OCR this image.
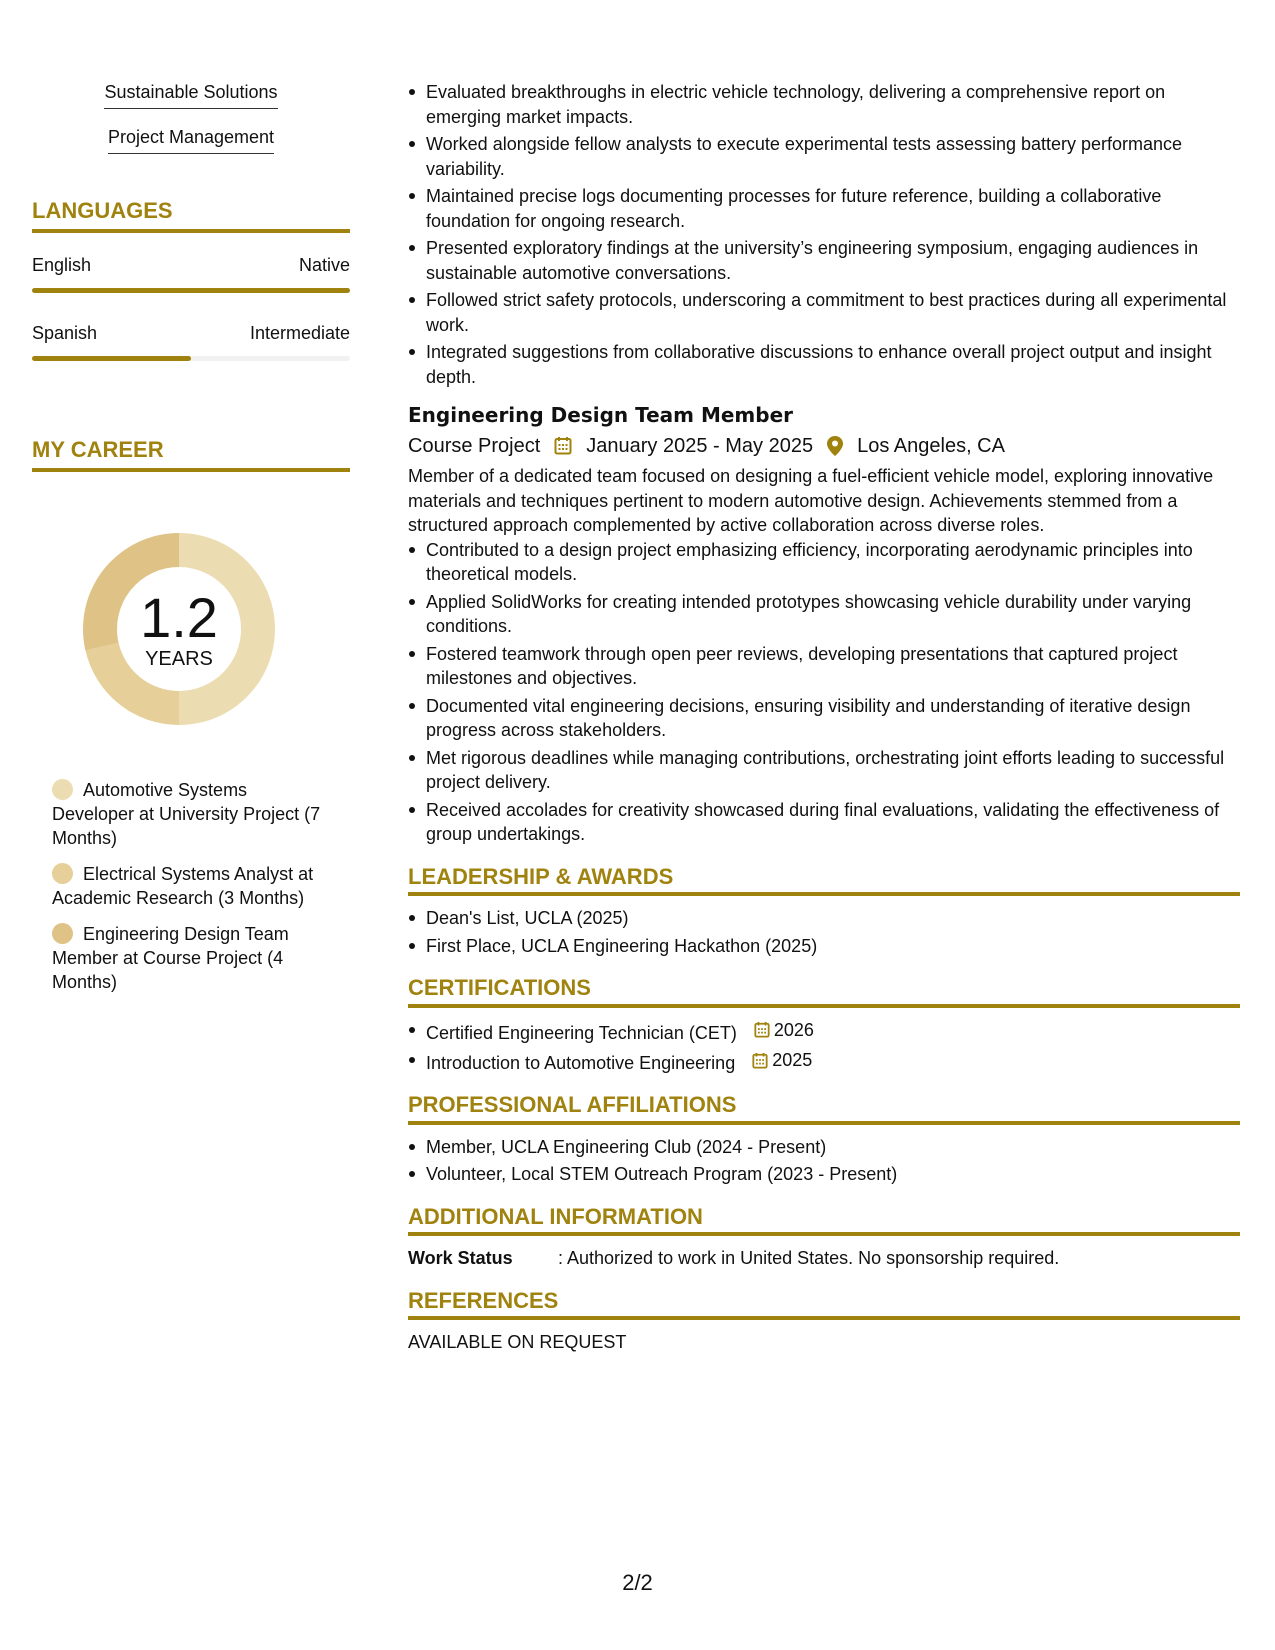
Sustainable Solutions
Project Management
LANGUAGES
English	Native
Spanish	Intermediate
MY CAREER
1.2
YEARS
Automotive Systems Developer at University Project (7 Months)
Electrical Systems Analyst at Academic Research (3 Months)
Engineering Design Team Member at Course Project (4 Months)
Evaluated breakthroughs in electric vehicle technology, delivering a comprehensive report on emerging market impacts.
Worked alongside fellow analysts to execute experimental tests assessing battery performance variability.
Maintained precise logs documenting processes for future reference, building a collaborative foundation for ongoing research.
Presented exploratory findings at the university’s engineering symposium, engaging audiences in sustainable automotive conversations.
Followed strict safety protocols, underscoring a commitment to best practices during all experimental work.
Integrated suggestions from collaborative discussions to enhance overall project output and insight depth.
Engineering Design Team Member
Course Project January 2025 - May 2025 Los Angeles, CA
Member of a dedicated team focused on designing a fuel-efficient vehicle model, exploring innovative materials and techniques pertinent to modern automotive design. Achievements stemmed from a structured approach complemented by active collaboration across diverse roles.
Contributed to a design project emphasizing efficiency, incorporating aerodynamic principles into theoretical models.
Applied SolidWorks for creating intended prototypes showcasing vehicle durability under varying conditions.
Fostered teamwork through open peer reviews, developing presentations that captured project milestones and objectives.
Documented vital engineering decisions, ensuring visibility and understanding of iterative design progress across stakeholders.
Met rigorous deadlines while managing contributions, orchestrating joint efforts leading to successful project delivery.
Received accolades for creativity showcased during final evaluations, validating the effectiveness of group undertakings.
LEADERSHIP & AWARDS
Dean's List, UCLA (2025)
First Place, UCLA Engineering Hackathon (2025)
CERTIFICATIONS
Certified Engineering Technician (CET) 2026
Introduction to Automotive Engineering 2025
PROFESSIONAL AFFILIATIONS
Member, UCLA Engineering Club (2024 - Present)
Volunteer, Local STEM Outreach Program (2023 - Present)
ADDITIONAL INFORMATION
Work Status	: Authorized to work in United States. No sponsorship required.
REFERENCES
AVAILABLE ON REQUEST
2/2
